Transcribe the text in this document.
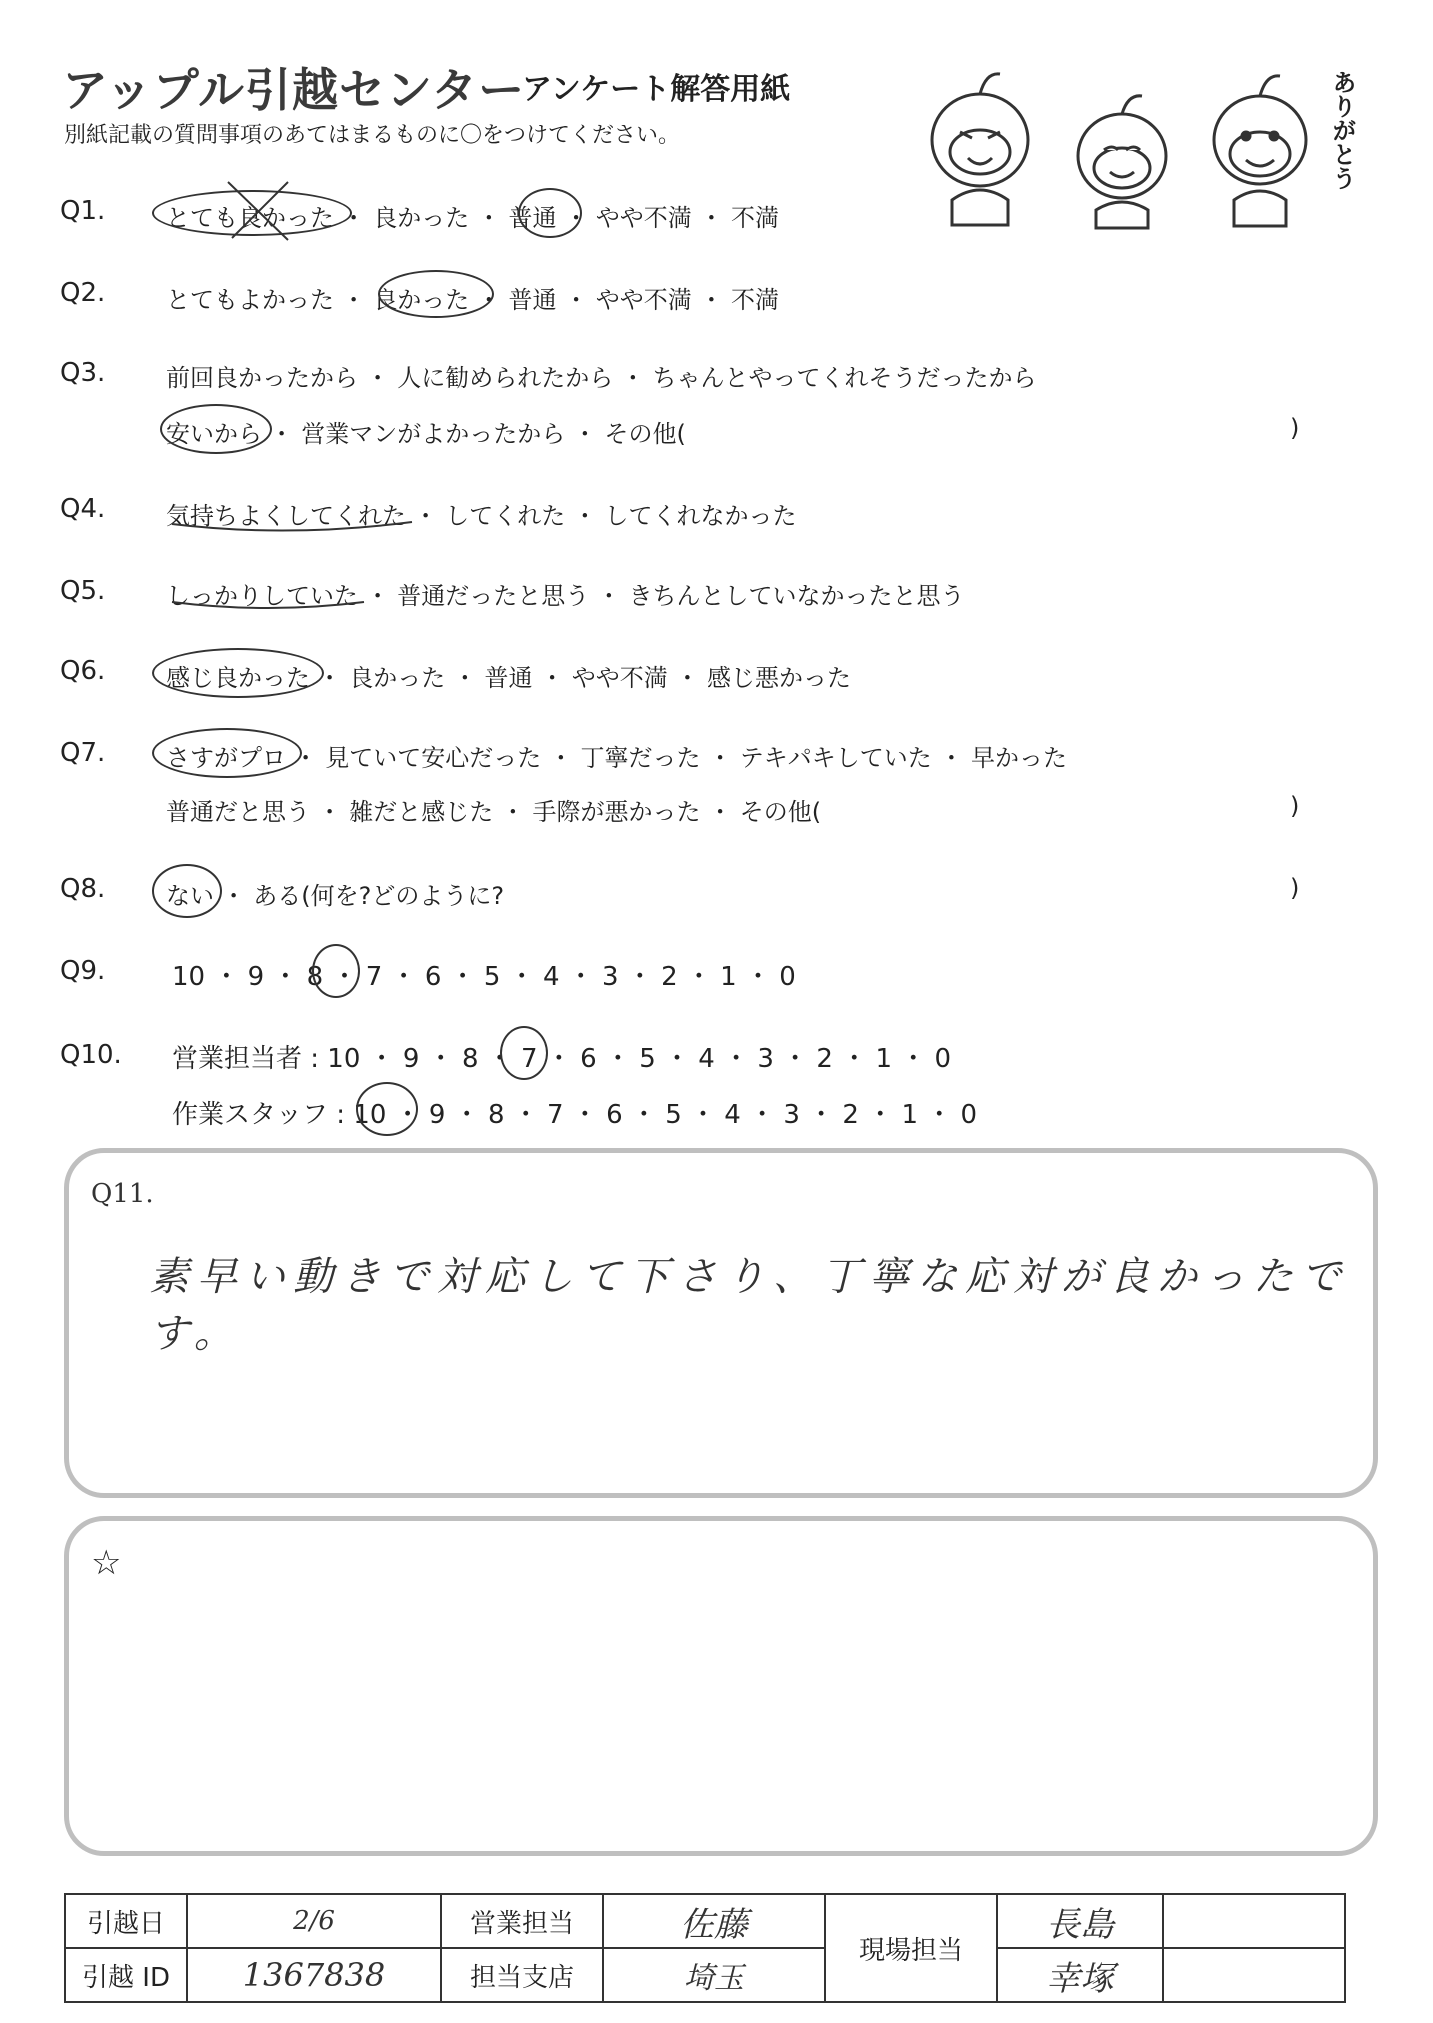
アップル引越センター
アンケート解答用紙
別紙記載の質問事項のあてはまるものに〇をつけてください。	ありがとう
Q1.	とても良かった ・ 良かった ・ 普通 ・ やや不満 ・ 不満
Q2.	とてもよかった ・ 良かった ・ 普通 ・ やや不満 ・ 不満
Q3.	前回良かったから ・ 人に勧められたから ・ ちゃんとやってくれそうだったから
安いから ・ 営業マンがよかったから ・ その他(	)
Q4.	気持ちよくしてくれた ・ してくれた ・ してくれなかった
Q5.	しっかりしていた ・ 普通だったと思う ・ きちんとしていなかったと思う
Q6.	感じ良かった ・ 良かった ・ 普通 ・ やや不満 ・ 感じ悪かった
Q7.	さすがプロ ・ 見ていて安心だった ・ 丁寧だった ・ テキパキしていた ・ 早かった
普通だと思う ・ 雑だと感じた ・ 手際が悪かった ・ その他(	)
Q8.	ない ・ ある(何を?どのように?	)
Q9.	10 ・ 9 ・ 8 ・ 7 ・ 6 ・ 5 ・ 4 ・ 3 ・ 2 ・ 1 ・ 0
Q10. 営業担当者 : 10 ・ 9 ・ 8 ・ 7 ・ 6 ・ 5 ・ 4 ・ 3 ・ 2 ・ 1 ・ 0
作業スタッフ : 10 ・ 9 ・ 8 ・ 7 ・ 6 ・ 5 ・ 4 ・ 3 ・ 2 ・ 1 ・ 0
Q11.
素早い動きで対応して下さり、丁寧な応対が良かったです。
☆
引越日	2/6	営業担当	佐藤	現場担当	長島	
引越 ID	1367838	担当支店	埼玉		幸塚	
